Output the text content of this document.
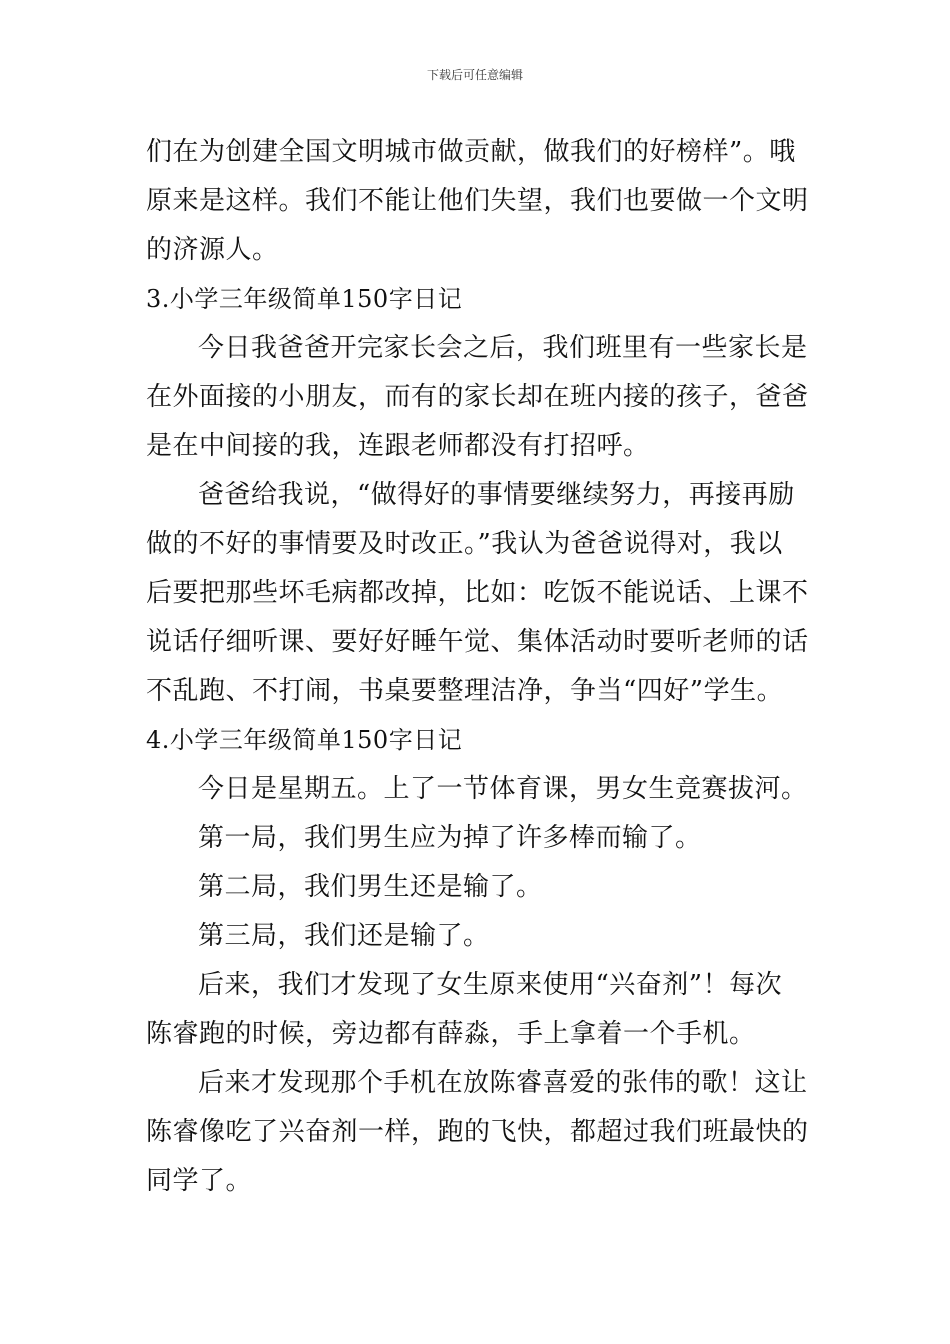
下载后可任意编辑
们在为创建全国文明城市做贡献，做我们的好榜样”。哦
原来是这样。我们不能让他们失望，我们也要做一个文明
的济源人。
3.小学三年级简单150字日记
今日我爸爸开完家长会之后，我们班里有一些家长是
在外面接的小朋友，而有的家长却在班内接的孩子，爸爸
是在中间接的我，连跟老师都没有打招呼。
爸爸给我说，“做得好的事情要继续努力，再接再励
做的不好的事情要及时改正。”我认为爸爸说得对，我以
后要把那些坏毛病都改掉，比如：吃饭不能说话、上课不
说话仔细听课、要好好睡午觉、集体活动时要听老师的话
不乱跑、不打闹，书桌要整理洁净，争当“四好”学生。
4.小学三年级简单150字日记
今日是星期五。上了一节体育课，男女生竞赛拔河。
第一局，我们男生应为掉了许多棒而输了。
第二局，我们男生还是输了。
第三局，我们还是输了。
后来，我们才发现了女生原来使用“兴奋剂”！每次
陈睿跑的时候，旁边都有薛淼，手上拿着一个手机。
后来才发现那个手机在放陈睿喜爱的张伟的歌！这让
陈睿像吃了兴奋剂一样，跑的飞快，都超过我们班最快的
同学了。
